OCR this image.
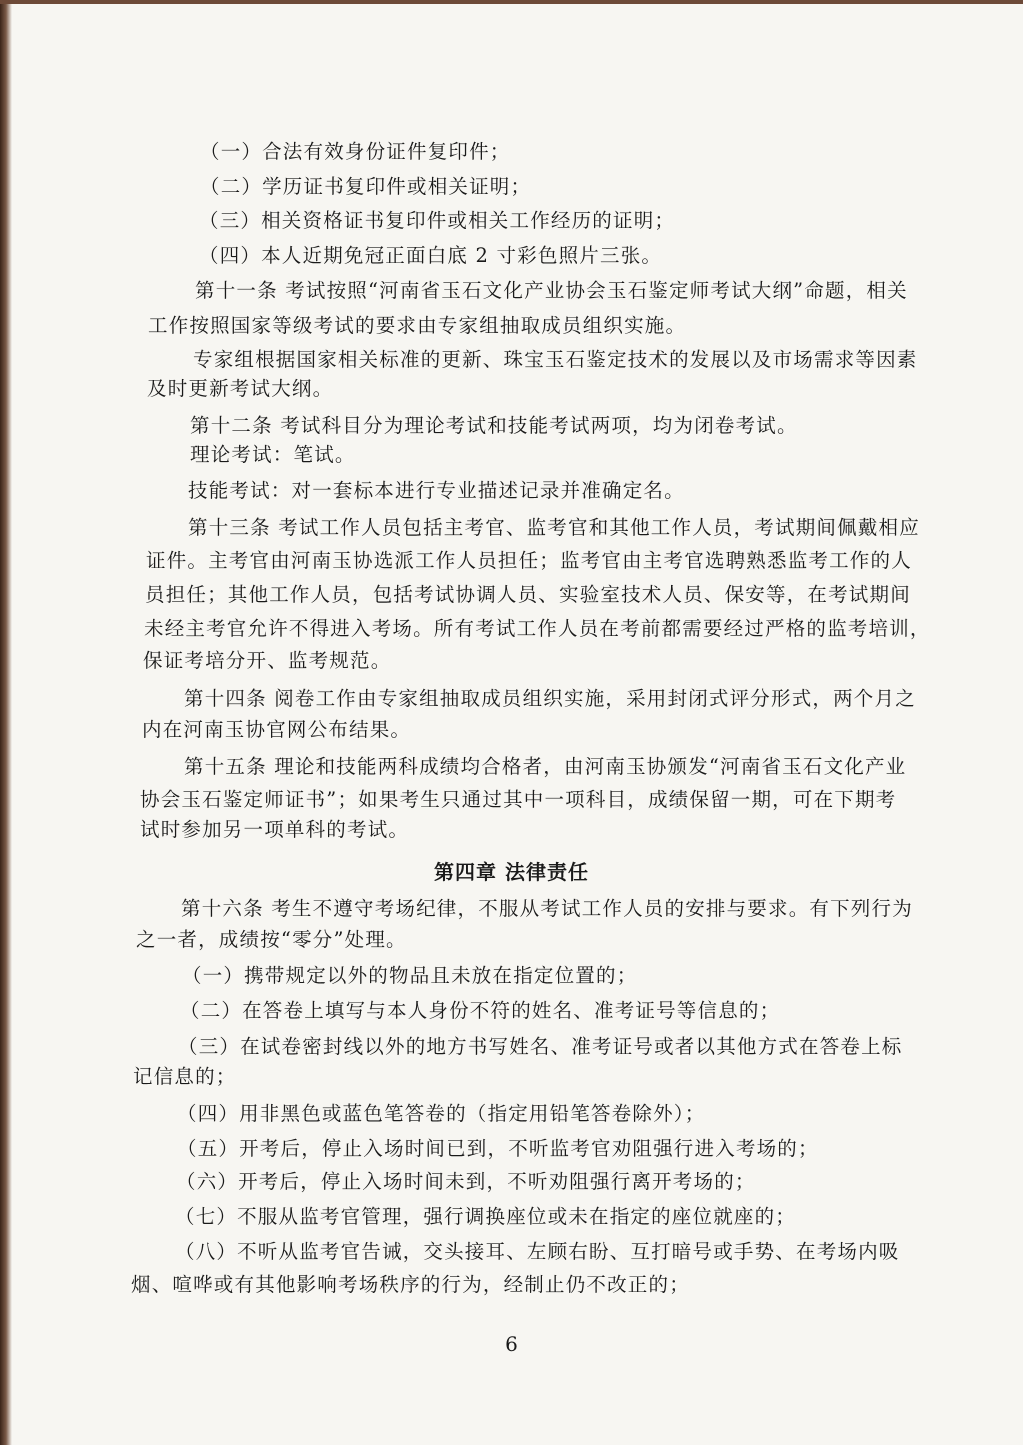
（一）合法有效身份证件复印件；

（二）学历证书复印件或相关证明；

（三）相关资格证书复印件或相关工作经历的证明；

（四）本人近期免冠正面白底 2 寸彩色照片三张。

第十一条 考试按照“河南省玉石文化产业协会玉石鉴定师考试大纲”命题，相关

工作按照国家等级考试的要求由专家组抽取成员组织实施。

专家组根据国家相关标准的更新、珠宝玉石鉴定技术的发展以及市场需求等因素

及时更新考试大纲。

第十二条 考试科目分为理论考试和技能考试两项，均为闭卷考试。

理论考试：笔试。

技能考试：对一套标本进行专业描述记录并准确定名。

第十三条 考试工作人员包括主考官、监考官和其他工作人员，考试期间佩戴相应

证件。主考官由河南玉协选派工作人员担任；监考官由主考官选聘熟悉监考工作的人

员担任；其他工作人员，包括考试协调人员、实验室技术人员、保安等，在考试期间

未经主考官允许不得进入考场。所有考试工作人员在考前都需要经过严格的监考培训，

保证考培分开、监考规范。

第十四条 阅卷工作由专家组抽取成员组织实施，采用封闭式评分形式，两个月之

内在河南玉协官网公布结果。

第十五条 理论和技能两科成绩均合格者，由河南玉协颁发“河南省玉石文化产业

协会玉石鉴定师证书”；如果考生只通过其中一项科目，成绩保留一期，可在下期考

试时参加另一项单科的考试。

第四章 法律责任

第十六条 考生不遵守考场纪律，不服从考试工作人员的安排与要求。有下列行为

之一者，成绩按“零分”处理。

（一）携带规定以外的物品且未放在指定位置的；

（二）在答卷上填写与本人身份不符的姓名、准考证号等信息的；

（三）在试卷密封线以外的地方书写姓名、准考证号或者以其他方式在答卷上标

记信息的；

（四）用非黑色或蓝色笔答卷的（指定用铅笔答卷除外）；

（五）开考后，停止入场时间已到，不听监考官劝阻强行进入考场的；

（六）开考后，停止入场时间未到，不听劝阻强行离开考场的；

（七）不服从监考官管理，强行调换座位或未在指定的座位就座的；

（八）不听从监考官告诫，交头接耳、左顾右盼、互打暗号或手势、在考场内吸

烟、喧哗或有其他影响考场秩序的行为，经制止仍不改正的；

6
